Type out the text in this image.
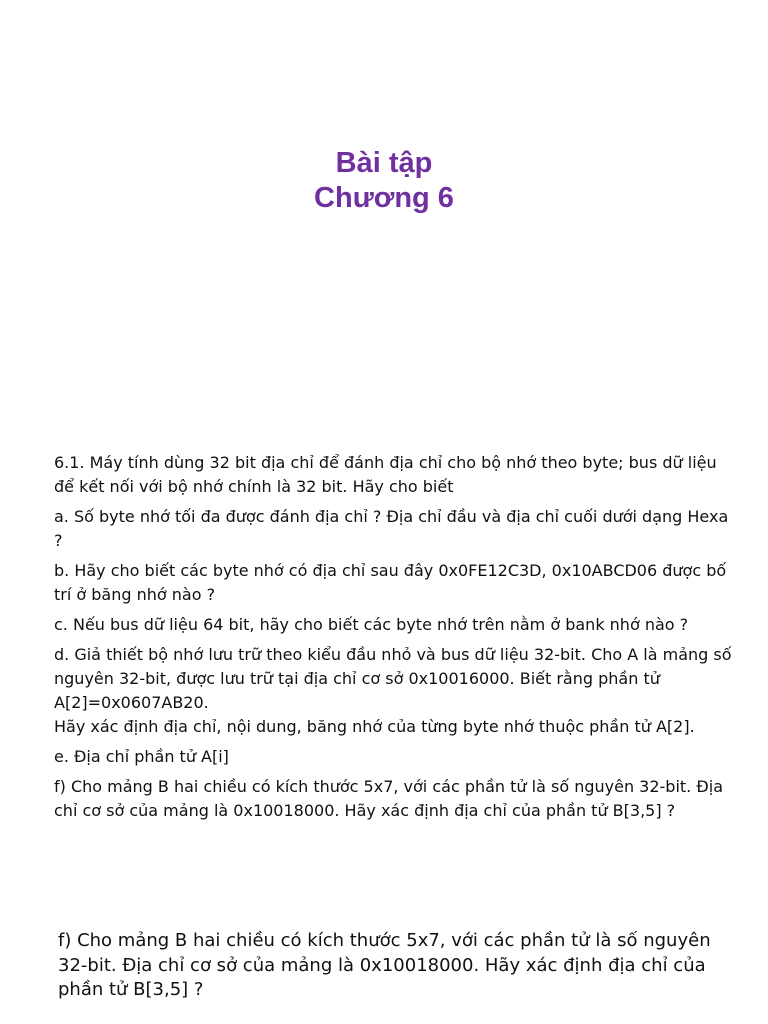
Bài tập
Chương 6

6.1. Máy tính dùng 32 bit địa chỉ để đánh địa chỉ cho bộ nhớ theo byte; bus dữ liệu để kết nối với bộ nhớ chính là 32 bit. Hãy cho biết

a. Số byte nhớ tối đa được đánh địa chỉ ? Địa chỉ đầu và địa chỉ cuối dưới dạng Hexa ?

b. Hãy cho biết các byte nhớ có địa chỉ sau đây 0x0FE12C3D, 0x10ABCD06 được bố trí ở băng nhớ nào ?

c. Nếu bus dữ liệu 64 bit, hãy cho biết các byte nhớ trên nằm ở bank nhớ nào ?

d. Giả thiết bộ nhớ lưu trữ theo kiểu đầu nhỏ và bus dữ liệu 32-bit. Cho A là mảng số nguyên 32-bit, được lưu trữ tại địa chỉ cơ sở 0x10016000. Biết rằng phần tử A[2]=0x0607AB20.

Hãy xác định địa chỉ, nội dung, băng nhớ của từng byte nhớ thuộc phần tử A[2].

e. Địa chỉ phần tử A[i]

f) Cho mảng B hai chiều có kích thước 5x7, với các phần tử là số nguyên 32-bit. Địa chỉ cơ sở của mảng là 0x10018000. Hãy xác định địa chỉ của phần tử B[3,5] ?

f) Cho mảng B hai chiều có kích thước 5x7, với các phần tử là số nguyên 32-bit. Địa chỉ cơ sở của mảng là 0x10018000. Hãy xác định địa chỉ của phần tử B[3,5] ?
